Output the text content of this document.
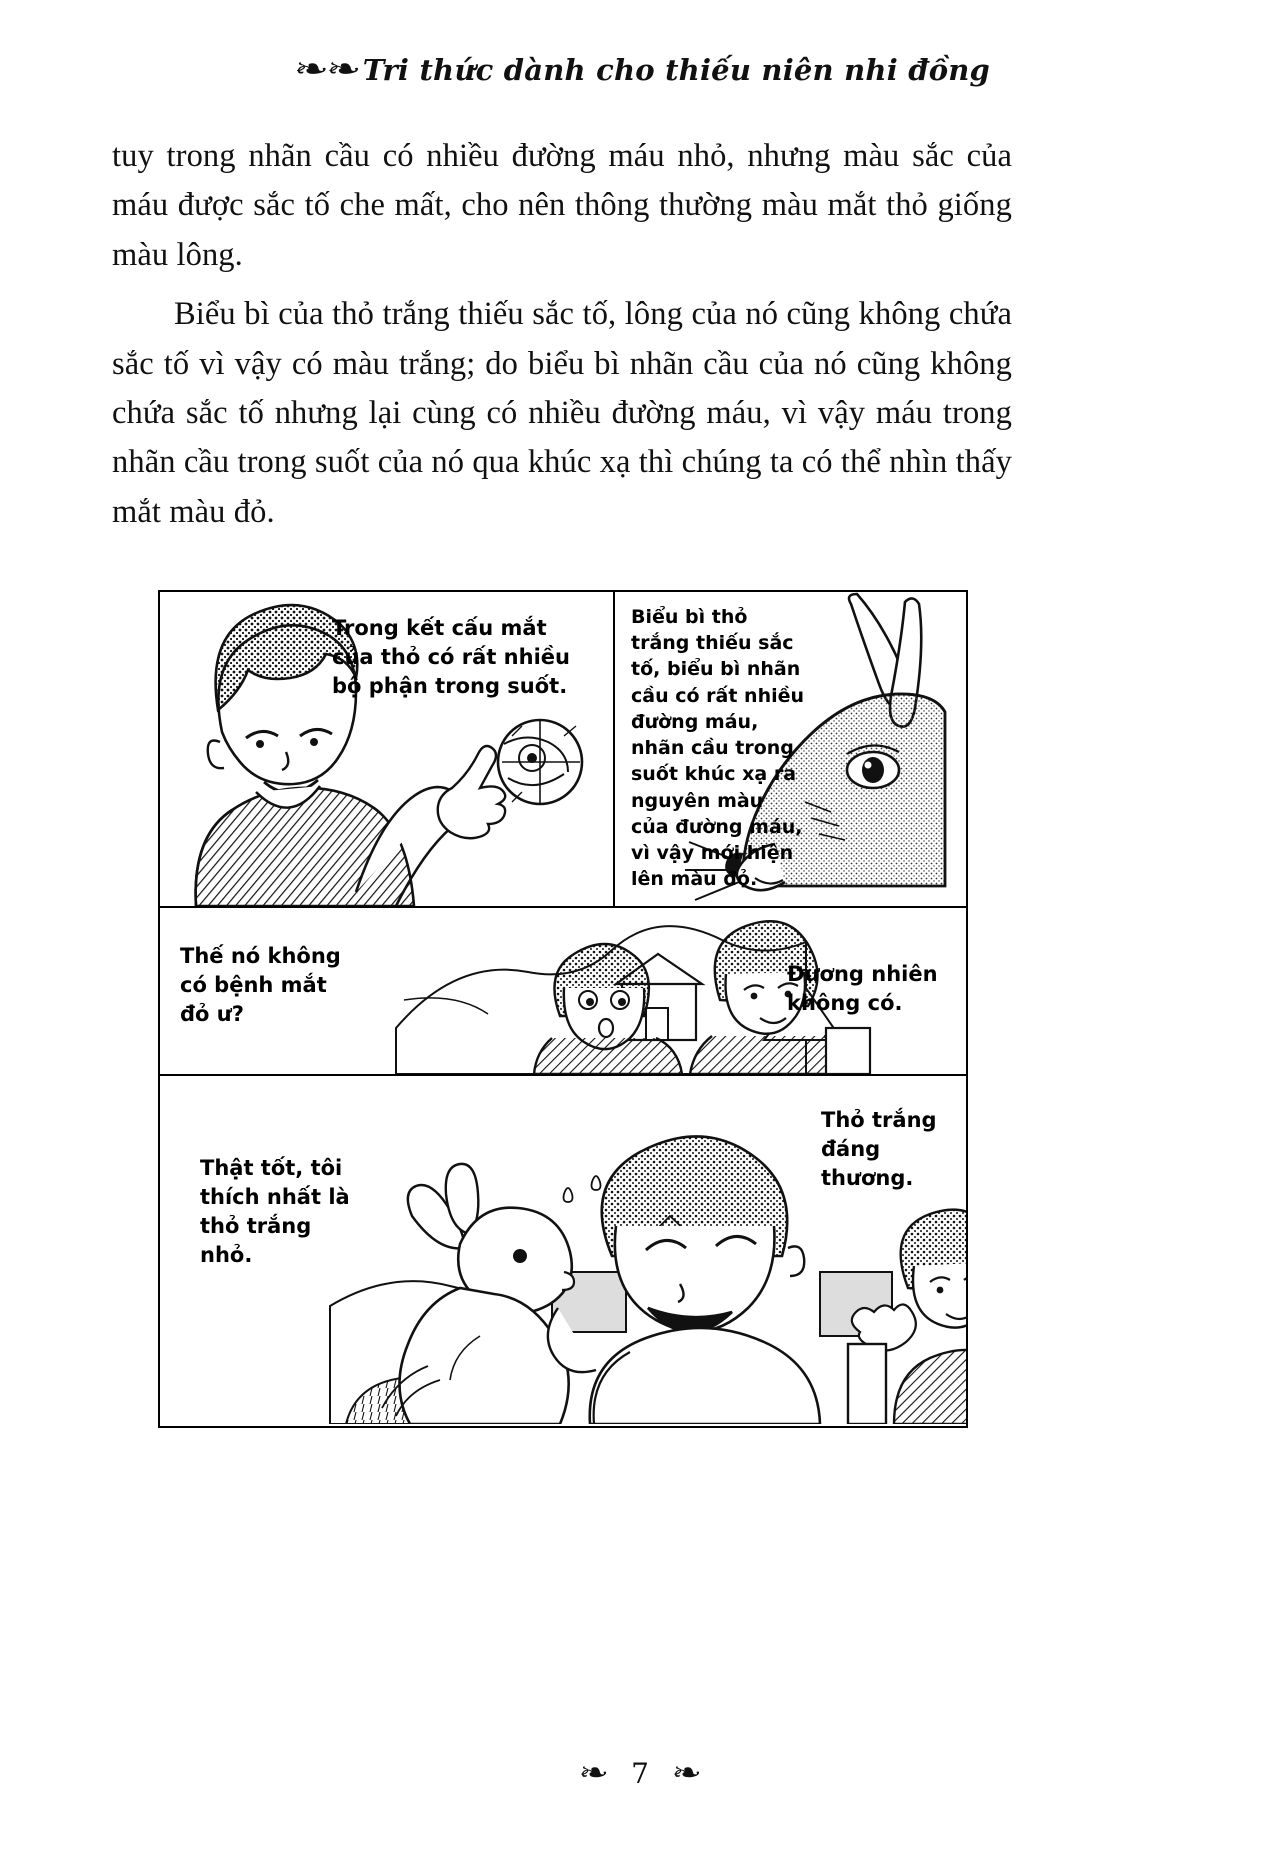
❧❧ Tri thức dành cho thiếu niên nhi đồng

tuy trong nhãn cầu có nhiều đường máu nhỏ, nhưng màu sắc của máu được sắc tố che mất, cho nên thông thường màu mắt thỏ giống màu lông.

Biểu bì của thỏ trắng thiếu sắc tố, lông của nó cũng không chứa sắc tố vì vậy có màu trắng; do biểu bì nhãn cầu của nó cũng không chứa sắc tố nhưng lại cùng có nhiều đường máu, vì vậy máu trong nhãn cầu trong suốt của nó qua khúc xạ thì chúng ta có thể nhìn thấy mắt màu đỏ.

Trong kết cấu mắt của thỏ có rất nhiều bộ phận trong suốt.
Biểu bì thỏ trắng thiếu sắc tố, biểu bì nhãn cầu có rất nhiều đường máu, nhãn cầu trong suốt khúc xạ ra nguyên màu của đường máu, vì vậy mới hiện lên màu đỏ.
Thế nó không có bệnh mắt đỏ ư?
Đương nhiên không có.
Thật tốt, tôi thích nhất là thỏ trắng nhỏ.
Thỏ trắng đáng thương.
❧ 7 ❧
